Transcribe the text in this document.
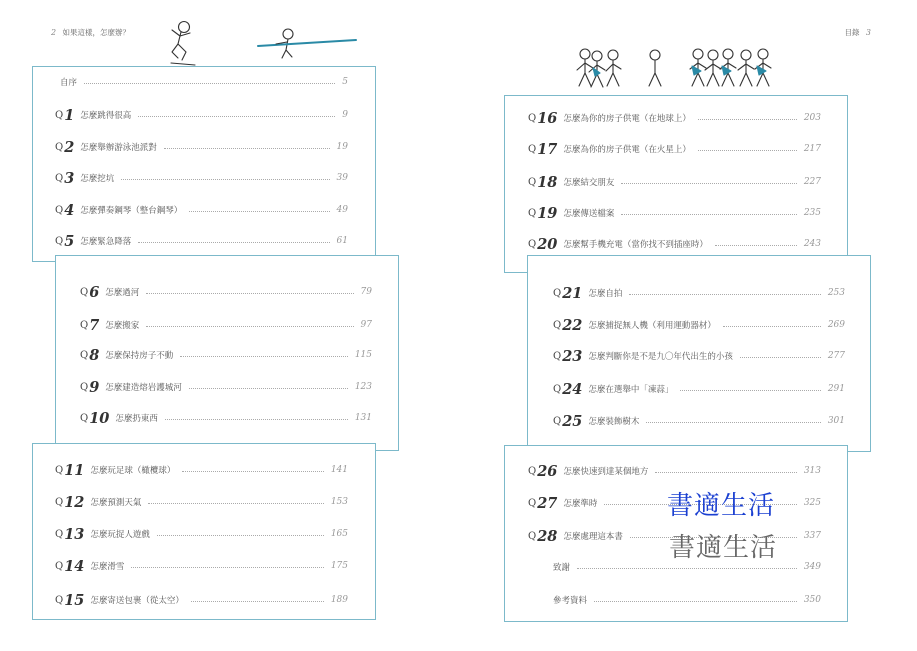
2 如果這樣，怎麼辦？
自序	5
Q 1 怎麼跳得很高	9
Q 2 怎麼舉辦游泳池派對	19
Q 3 怎麼挖坑	39
Q 4 怎麼彈奏鋼琴（整台鋼琴）	49
Q 5 怎麼緊急降落	61
Q 6 怎麼過河	79
Q 7 怎麼搬家	97
Q 8 怎麼保持房子不動	115
Q 9 怎麼建造熔岩護城河	123
Q 10 怎麼扔東西	131
Q 11 怎麼玩足球（橄欖球）	141
Q 12 怎麼預測天氣	153
Q 13 怎麼玩捉人遊戲	165
Q 14 怎麼滑雪	175
Q 15 怎麼寄送包裹（從太空）	189
目錄 3
Q 16 怎麼為你的房子供電（在地球上）	203
Q 17 怎麼為你的房子供電（在火星上）	217
Q 18 怎麼結交朋友	227
Q 19 怎麼傳送檔案	235
Q 20 怎麼幫手機充電（當你找不到插座時）	243
Q 21 怎麼自拍	253
Q 22 怎麼捕捉無人機（利用運動器材）	269
Q 23 怎麼判斷你是不是九〇年代出生的小孩	277
Q 24 怎麼在選舉中「凍蒜」	291
Q 25 怎麼裝飾樹木	301
Q 26 怎麼快速到達某個地方	313
Q 27 怎麼準時	325
Q 28 怎麼處理這本書	337
致謝	349
參考資料	350
書適生活
書適生活
